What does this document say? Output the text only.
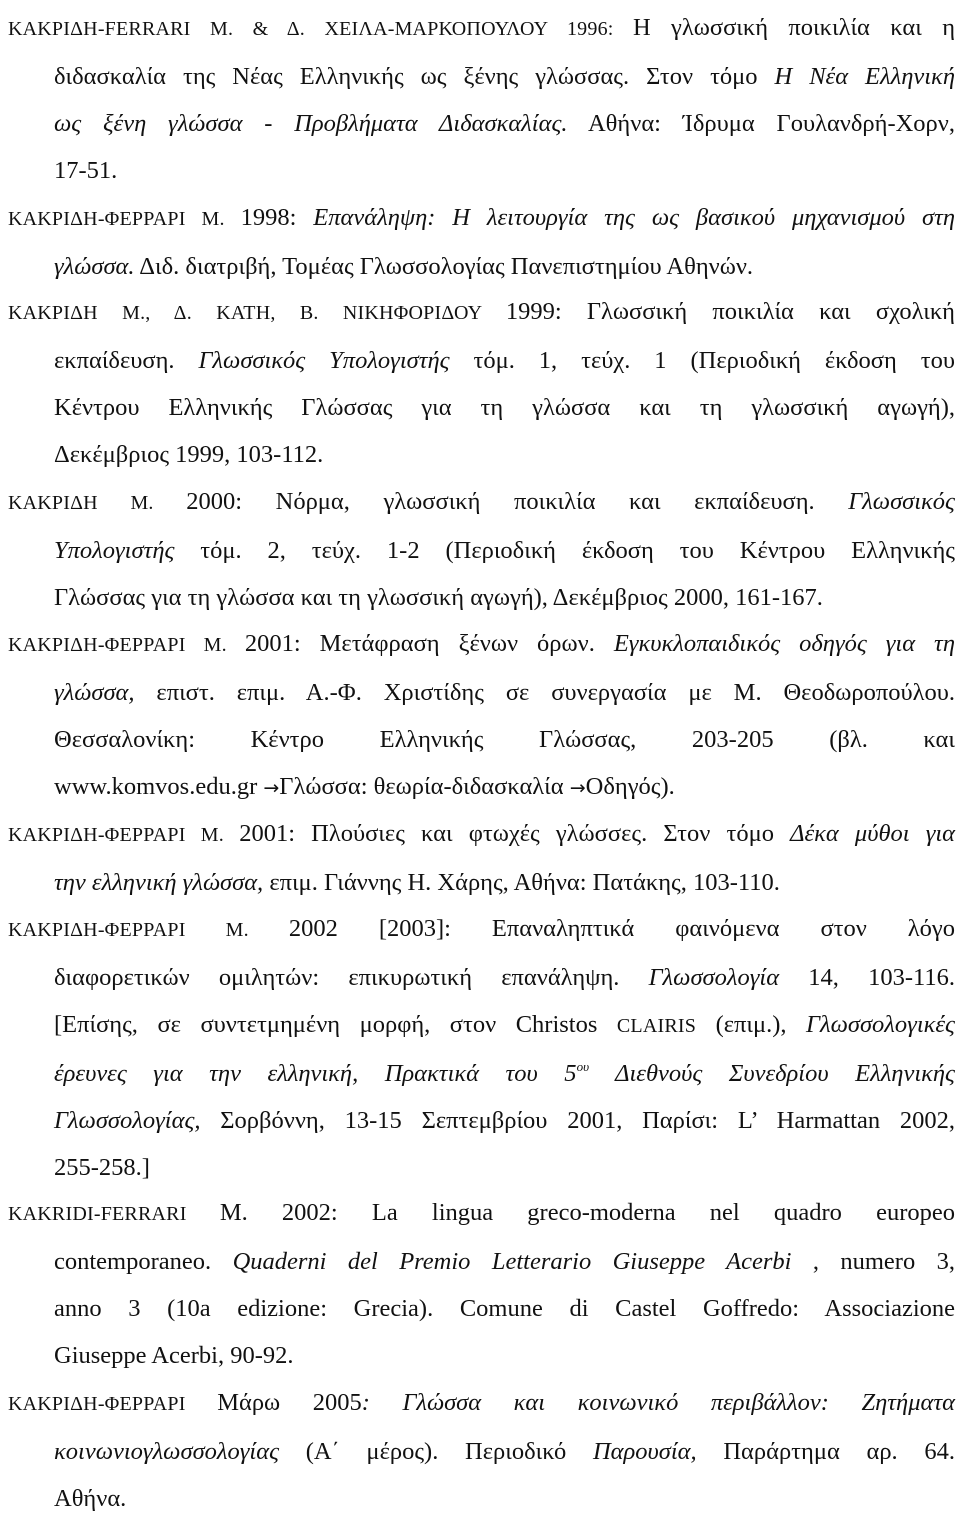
ΚΑΚΡΙΔΗ-FERRARI Μ. & Δ. ΧΕΙΛΑ-ΜΑΡΚΟΠΟΥΛΟΥ 1996: Η γλωσσική ποικιλία και η
διδασκαλία της Νέας Ελληνικής ως ξένης γλώσσας. Στον τόμο Η Νέα Ελληνική
ως ξένη γλώσσα - Προβλήματα Διδασκαλίας. Αθήνα: Ίδρυμα Γουλανδρή-Χορν,
17-51.
ΚΑΚΡΙΔΗ-ΦΕΡΡΑΡΙ Μ. 1998: Επανάληψη: Η λειτουργία της ως βασικού μηχανισμού στη
γλώσσα. Διδ. διατριβή, Τομέας Γλωσσολογίας Πανεπιστημίου Αθηνών.
ΚΑΚΡΙΔΗ Μ., Δ. ΚΑΤΗ, Β. ΝΙΚΗΦΟΡΙΔΟΥ 1999: Γλωσσική ποικιλία και σχολική
εκπαίδευση. Γλωσσικός Υπολογιστής τόμ. 1, τεύχ. 1 (Περιοδική έκδοση του
Κέντρου Ελληνικής Γλώσσας για τη γλώσσα και τη γλωσσική αγωγή),
Δεκέμβριος 1999, 103-112.
ΚΑΚΡΙΔΗ Μ. 2000: Νόρμα, γλωσσική ποικιλία και εκπαίδευση. Γλωσσικός
Υπολογιστής τόμ. 2, τεύχ. 1-2 (Περιοδική έκδοση του Κέντρου Ελληνικής
Γλώσσας για τη γλώσσα και τη γλωσσική αγωγή), Δεκέμβριος 2000, 161-167.
ΚΑΚΡΙΔΗ-ΦΕΡΡΑΡΙ Μ. 2001: Μετάφραση ξένων όρων. Εγκυκλοπαιδικός οδηγός για τη
γλώσσα, επιστ. επιμ. Α.-Φ. Χριστίδης σε συνεργασία με Μ. Θεοδωροπούλου.
Θεσσαλονίκη: Κέντρο Ελληνικής Γλώσσας, 203-205 (βλ. και
www.komvos.edu.gr →Γλώσσα: θεωρία-διδασκαλία →Οδηγός).
ΚΑΚΡΙΔΗ-ΦΕΡΡΑΡΙ Μ. 2001: Πλούσιες και φτωχές γλώσσες. Στον τόμο Δέκα μύθοι για
την ελληνική γλώσσα, επιμ. Γιάννης Η. Χάρης, Αθήνα: Πατάκης, 103-110.
ΚΑΚΡΙΔΗ-ΦΕΡΡΑΡΙ Μ. 2002 [2003]: Επαναληπτικά φαινόμενα στον λόγο
διαφορετικών ομιλητών: επικυρωτική επανάληψη. Γλωσσολογία 14, 103-116.
[Επίσης, σε συντετμημένη μορφή, στον Christos CLAIRIS (επιμ.), Γλωσσολογικές
έρευνες για την ελληνική, Πρακτικά του $5^{o\upsilon}$ Διεθνούς Συνεδρίου Ελληνικής
Γλωσσολογίας, Σορβόννη, 13-15 Σεπτεμβρίου 2001, Παρίσι: L’ Harmattan 2002,
255-258.]
KAKRIDI-FERRARI M. 2002: La lingua greco-moderna nel quadro europeo
contemporaneo. Quaderni del Premio Letterario Giuseppe Acerbi , numero 3,
anno 3 (10a edizione: Grecia). Comune di Castel Goffredo: Associazione
Giuseppe Acerbi, 90-92.
ΚΑΚΡΙΔΗ-ΦΕΡΡΑΡΙ Μάρω 2005: Γλώσσα και κοινωνικό περιβάλλον: Ζητήματα
κοινωνιογλωσσολογίας (Α΄ μέρος). Περιοδικό Παρουσία, Παράρτημα αρ. 64.
Αθήνα.
